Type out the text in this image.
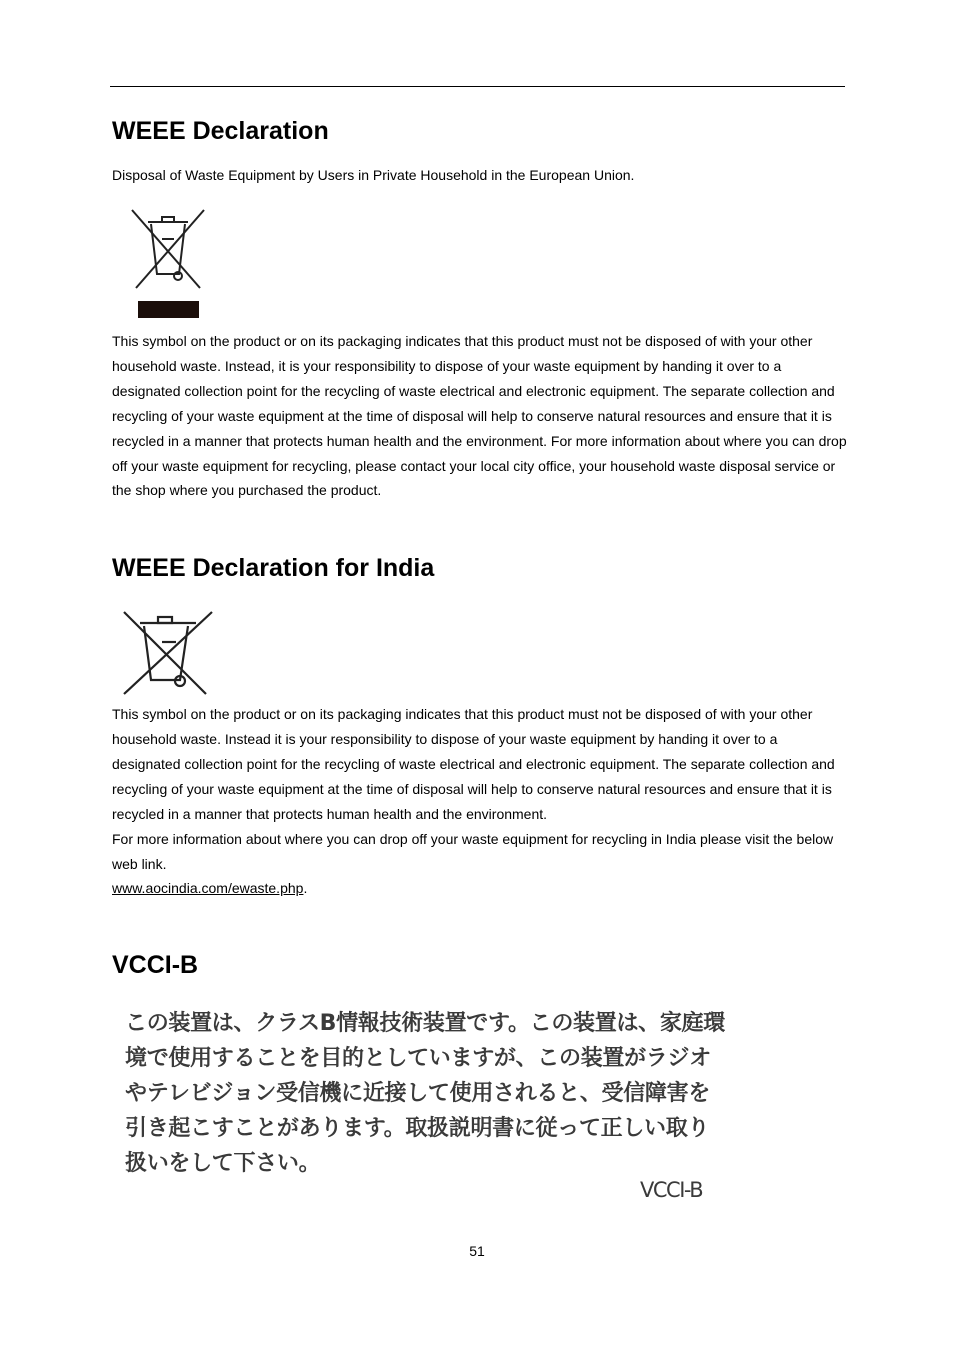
WEEE Declaration

Disposal of Waste Equipment by Users in Private Household in the European Union.

This symbol on the product or on its packaging indicates that this product must not be disposed of with your other household waste. Instead, it is your responsibility to dispose of your waste equipment by handing it over to a designated collection point for the recycling of waste electrical and electronic equipment. The separate collection and recycling of your waste equipment at the time of disposal will help to conserve natural resources and ensure that it is recycled in a manner that protects human health and the environment. For more information about where you can drop off your waste equipment for recycling, please contact your local city office, your household waste disposal service or the shop where you purchased the product.

WEEE Declaration for India

This symbol on the product or on its packaging indicates that this product must not be disposed of with your other household waste. Instead it is your responsibility to dispose of your waste equipment by handing it over to a designated collection point for the recycling of waste electrical and electronic equipment. The separate collection and recycling of your waste equipment at the time of disposal will help to conserve natural resources and ensure that it is recycled in a manner that protects human health and the environment.

For more information about where you can drop off your waste equipment for recycling in India please visit the below web link.

www.aocindia.com/ewaste.php.

VCCI-B

この装置は、クラスB情報技術装置です。この装置は、家庭環境で使用することを目的としていますが、この装置がラジオやテレビジョン受信機に近接して使用されると、受信障害を引き起こすことがあります。取扱説明書に従って正しい取り扱いをして下さい。

VCCI-B
51
